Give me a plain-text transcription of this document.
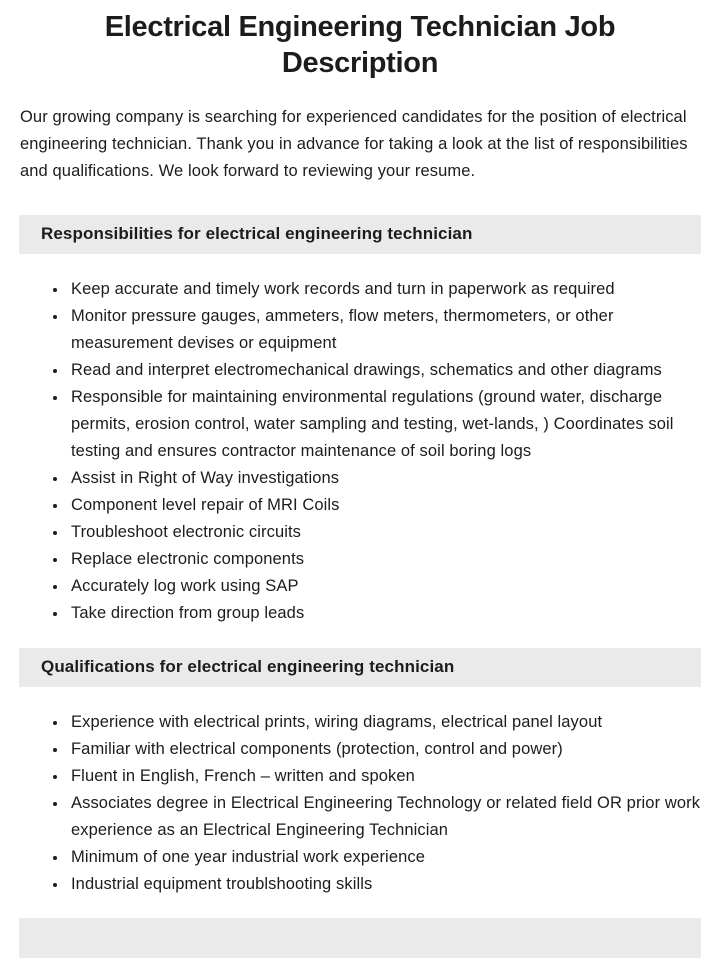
Electrical Engineering Technician Job Description

Our growing company is searching for experienced candidates for the position of electrical engineering technician. Thank you in advance for taking a look at the list of responsibilities and qualifications. We look forward to reviewing your resume.

Responsibilities for electrical engineering technician
• Keep accurate and timely work records and turn in paperwork as required
• Monitor pressure gauges, ammeters, flow meters, thermometers, or other measurement devises or equipment
• Read and interpret electromechanical drawings, schematics and other diagrams
• Responsible for maintaining environmental regulations (ground water, discharge permits, erosion control, water sampling and testing, wet-lands, ) Coordinates soil testing and ensures contractor maintenance of soil boring logs
• Assist in Right of Way investigations
• Component level repair of MRI Coils
• Troubleshoot electronic circuits
• Replace electronic components
• Accurately log work using SAP
• Take direction from group leads
Qualifications for electrical engineering technician
• Experience with electrical prints, wiring diagrams, electrical panel layout
• Familiar with electrical components (protection, control and power)
• Fluent in English, French – written and spoken
• Associates degree in Electrical Engineering Technology or related field OR prior work experience as an Electrical Engineering Technician
• Minimum of one year industrial work experience
• Industrial equipment troublshooting skills
